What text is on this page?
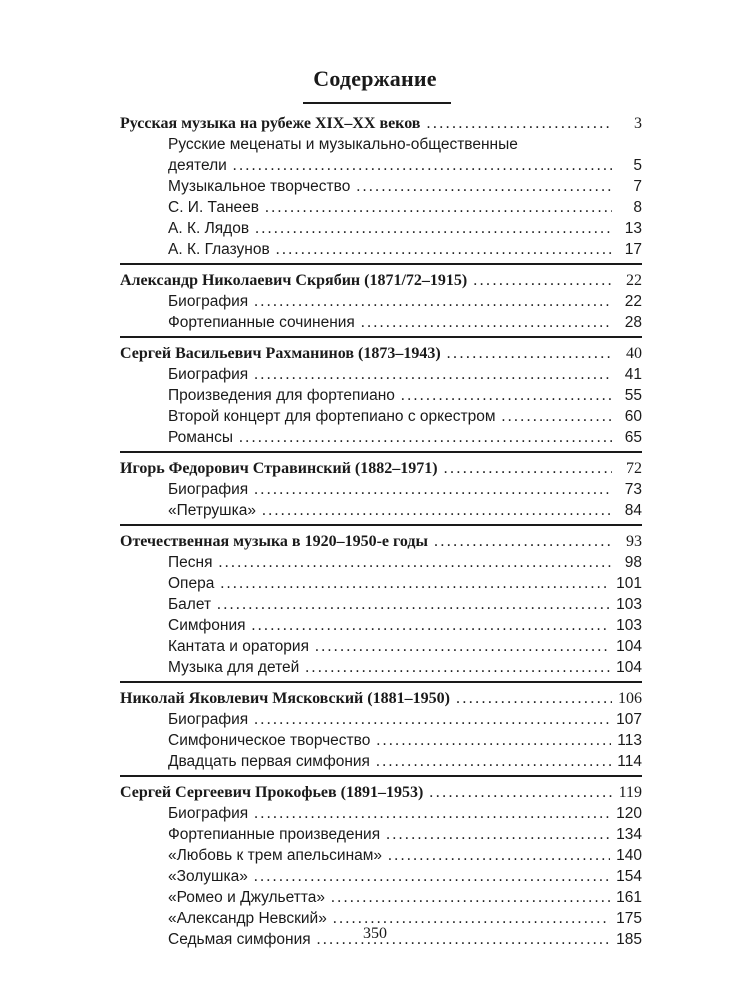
Содержание
Русская музыка на рубеже XIX–XX веков .....	3
Русские меценаты и музыкально-общественные
деятели .....	5
Музыкальное творчество .....	7
С. И. Танеев .....	8
А. К. Лядов .....	13
А. К. Глазунов .....	17
Александр Николаевич Скрябин (1871/72–1915) .....	22
Биография .....	22
Фортепианные сочинения .....	28
Сергей Васильевич Рахманинов (1873–1943) .....	40
Биография .....	41
Произведения для фортепиано .....	55
Второй концерт для фортепиано с оркестром .....	60
Романсы .....	65
Игорь Федорович Стравинский (1882–1971) .....	72
Биография .....	73
«Петрушка» .....	84
Отечественная музыка в 1920–1950-е годы .....	93
Песня .....	98
Опера .....	101
Балет .....	103
Симфония .....	103
Кантата и оратория .....	104
Музыка для детей .....	104
Николай Яковлевич Мясковский (1881–1950) .....	106
Биография .....	107
Симфоническое творчество .....	113
Двадцать первая симфония .....	114
Сергей Сергеевич Прокофьев (1891–1953) .....	119
Биография .....	120
Фортепианные произведения .....	134
«Любовь к трем апельсинам» .....	140
«Золушка» .....	154
«Ромео и Джульетта» .....	161
«Александр Невский» .....	175
Седьмая симфония .....	185
350
